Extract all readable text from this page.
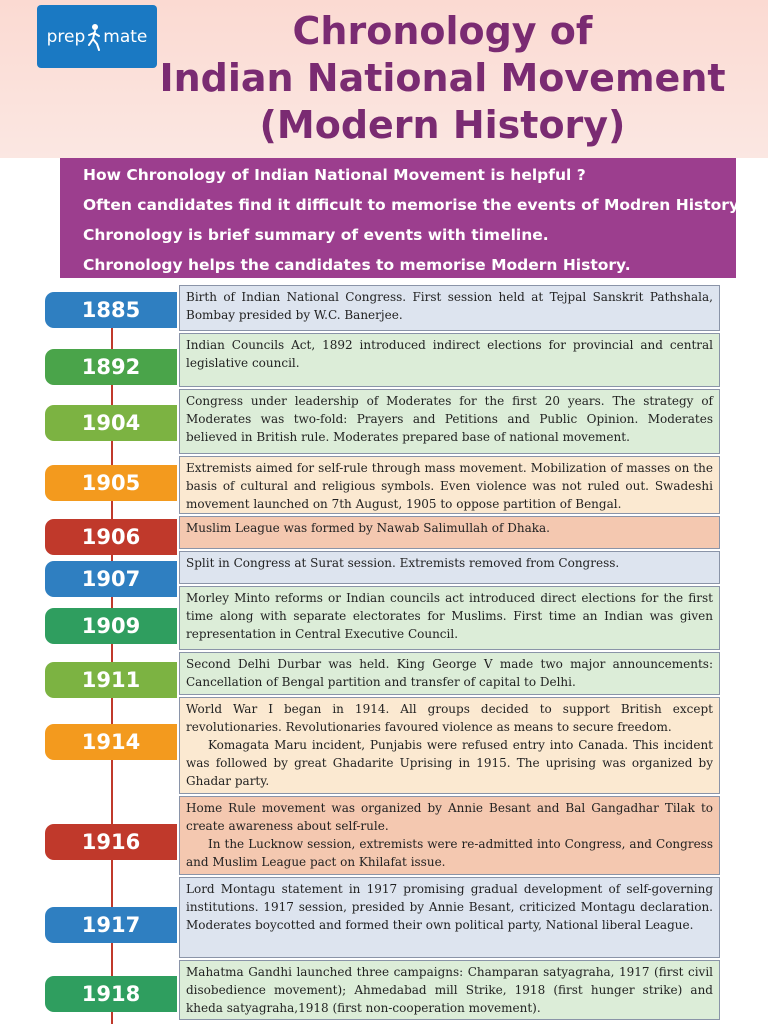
prep mate	Chronology of
Indian National Movement
(Modern History)
How Chronology of Indian National Movement is helpful ?
Often candidates find it difficult to memorise the events of Modren History.
Chronology is brief summary of events with timeline.
Chronology helps the candidates to memorise Modern History.
1885
Birth of Indian National Congress. First session held at Tejpal Sanskrit Pathshala, Bombay presided by W.C. Banerjee.
1892
Indian Councils Act, 1892 introduced indirect elections for provincial and central legislative council.
1904
Congress under leadership of Moderates for the first 20 years. The strategy of Moderates was two-fold: Prayers and Petitions and Public Opinion. Moderates believed in British rule. Moderates prepared base of national movement.
1905
Extremists aimed for self-rule through mass movement. Mobilization of masses on the basis of cultural and religious symbols. Even violence was not ruled out. Swadeshi movement launched on 7th August, 1905 to oppose partition of Bengal.
1906	Muslim League was formed by Nawab Salimullah of Dhaka.
1907
Split in Congress at Surat session. Extremists removed from Congress.
1909
Morley Minto reforms or Indian councils act introduced direct elections for the first time along with separate electorates for Muslims. First time an Indian was given representation in Central Executive Council.
1911
Second Delhi Durbar was held. King George V made two major announcements: Cancellation of Bengal partition and transfer of capital to Delhi.
1914
World War I began in 1914. All groups decided to support British except revolutionaries. Revolutionaries favoured violence as means to secure freedom.
Komagata Maru incident, Punjabis were refused entry into Canada. This incident was followed by great Ghadarite Uprising in 1915. The uprising was organized by Ghadar party.
1916
Home Rule movement was organized by Annie Besant and Bal Gangadhar Tilak to create awareness about self-rule.
In the Lucknow session, extremists were re-admitted into Congress, and Congress and Muslim League pact on Khilafat issue.
1917
Lord Montagu statement in 1917 promising gradual development of self-governing institutions. 1917 session, presided by Annie Besant, criticized Montagu declaration. Moderates boycotted and formed their own political party, National liberal League.
1918
Mahatma Gandhi launched three campaigns: Champaran satyagraha, 1917 (first civil disobedience movement); Ahmedabad mill Strike, 1918 (first hunger strike) and kheda satyagraha,1918 (first non-cooperation movement).
